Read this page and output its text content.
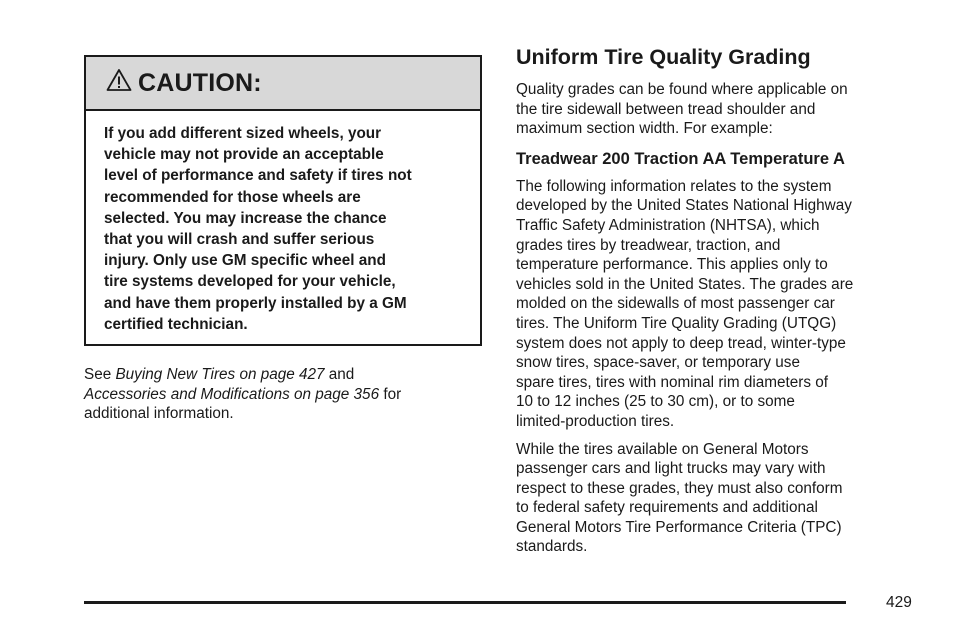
CAUTION:
If you add different sized wheels, your
vehicle may not provide an acceptable
level of performance and safety if tires not
recommended for those wheels are
selected. You may increase the chance
that you will crash and suffer serious
injury. Only use GM specific wheel and
tire systems developed for your vehicle,
and have them properly installed by a GM
certified technician.
See Buying New Tires on page 427 and
Accessories and Modifications on page 356 for
additional information.
Uniform Tire Quality Grading
Quality grades can be found where applicable on
the tire sidewall between tread shoulder and
maximum section width. For example:
Treadwear 200 Traction AA Temperature A
The following information relates to the system
developed by the United States National Highway
Traffic Safety Administration (NHTSA), which
grades tires by treadwear, traction, and
temperature performance. This applies only to
vehicles sold in the United States. The grades are
molded on the sidewalls of most passenger car
tires. The Uniform Tire Quality Grading (UTQG)
system does not apply to deep tread, winter-type
snow tires, space-saver, or temporary use
spare tires, tires with nominal rim diameters of
10 to 12 inches (25 to 30 cm), or to some
limited-production tires.
While the tires available on General Motors
passenger cars and light trucks may vary with
respect to these grades, they must also conform
to federal safety requirements and additional
General Motors Tire Performance Criteria (TPC)
standards.
429
